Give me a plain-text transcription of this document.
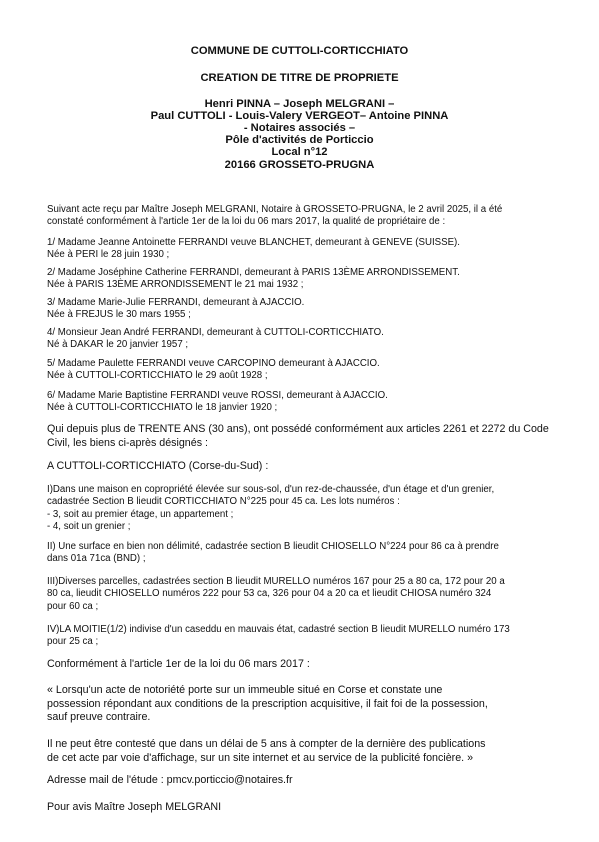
COMMUNE DE CUTTOLI-CORTICCHIATO
CREATION DE TITRE DE PROPRIETE
Henri PINNA – Joseph MELGRANI –
Paul CUTTOLI - Louis-Valery VERGEOT– Antoine PINNA
- Notaires associés –
Pôle d'activités de Porticcio
Local n°12
20166 GROSSETO-PRUGNA
Suivant acte reçu par Maître Joseph MELGRANI, Notaire à GROSSETO-PRUGNA, le 2 avril 2025, il a été
constaté conformément à l'article 1er de la loi du 06 mars 2017, la qualité de propriétaire de :
1/ Madame Jeanne Antoinette FERRANDI veuve BLANCHET, demeurant à GENEVE (SUISSE).
Née à PERI le 28 juin 1930 ;
2/ Madame Joséphine Catherine FERRANDI, demeurant à PARIS 13ÈME ARRONDISSEMENT.
Née à PARIS 13ÈME ARRONDISSEMENT le 21 mai 1932 ;
3/ Madame Marie-Julie FERRANDI, demeurant à AJACCIO.
Née à FREJUS le 30 mars 1955 ;
4/ Monsieur Jean André FERRANDI, demeurant à CUTTOLI-CORTICCHIATO.
Né à DAKAR le 20 janvier 1957 ;
5/ Madame Paulette FERRANDI veuve CARCOPINO demeurant à AJACCIO.
Née à CUTTOLI-CORTICCHIATO le 29 août 1928 ;
6/ Madame Marie Baptistine FERRANDI veuve ROSSI, demeurant à AJACCIO.
Née à CUTTOLI-CORTICCHIATO le 18 janvier 1920 ;
Qui depuis plus de TRENTE ANS (30 ans), ont possédé conformément aux articles 2261 et 2272 du Code
Civil, les biens ci-après désignés :
A CUTTOLI-CORTICCHIATO (Corse-du-Sud) :
I)Dans une maison en copropriété élevée sur sous-sol, d'un rez-de-chaussée, d'un étage et d'un grenier,
cadastrée Section B lieudit CORTICCHIATO N°225 pour 45 ca. Les lots numéros :
- 3, soit au premier étage, un appartement ;
- 4, soit un grenier ;
II) Une surface en bien non délimité, cadastrée section B lieudit CHIOSELLO N°224 pour 86 ca à prendre
dans 01a 71ca (BND) ;
III)Diverses parcelles, cadastrées section B lieudit MURELLO numéros 167 pour 25 a 80 ca, 172 pour 20 a
80 ca, lieudit CHIOSELLO numéros 222 pour 53 ca, 326 pour 04 a 20 ca et lieudit CHIOSA numéro 324
pour 60 ca ;
IV)LA MOITIE(1/2) indivise d'un caseddu en mauvais état, cadastré section B lieudit MURELLO numéro 173
pour 25 ca ;
Conformément à l'article 1er de la loi du 06 mars 2017 :
« Lorsqu'un acte de notoriété porte sur un immeuble situé en Corse et constate une
possession répondant aux conditions de la prescription acquisitive, il fait foi de la possession,
sauf preuve contraire.
Il ne peut être contesté que dans un délai de 5 ans à compter de la dernière des publications
de cet acte par voie d'affichage, sur un site internet et au service de la publicité foncière. »
Adresse mail de l'étude : pmcv.porticcio@notaires.fr
Pour avis Maître Joseph MELGRANI
